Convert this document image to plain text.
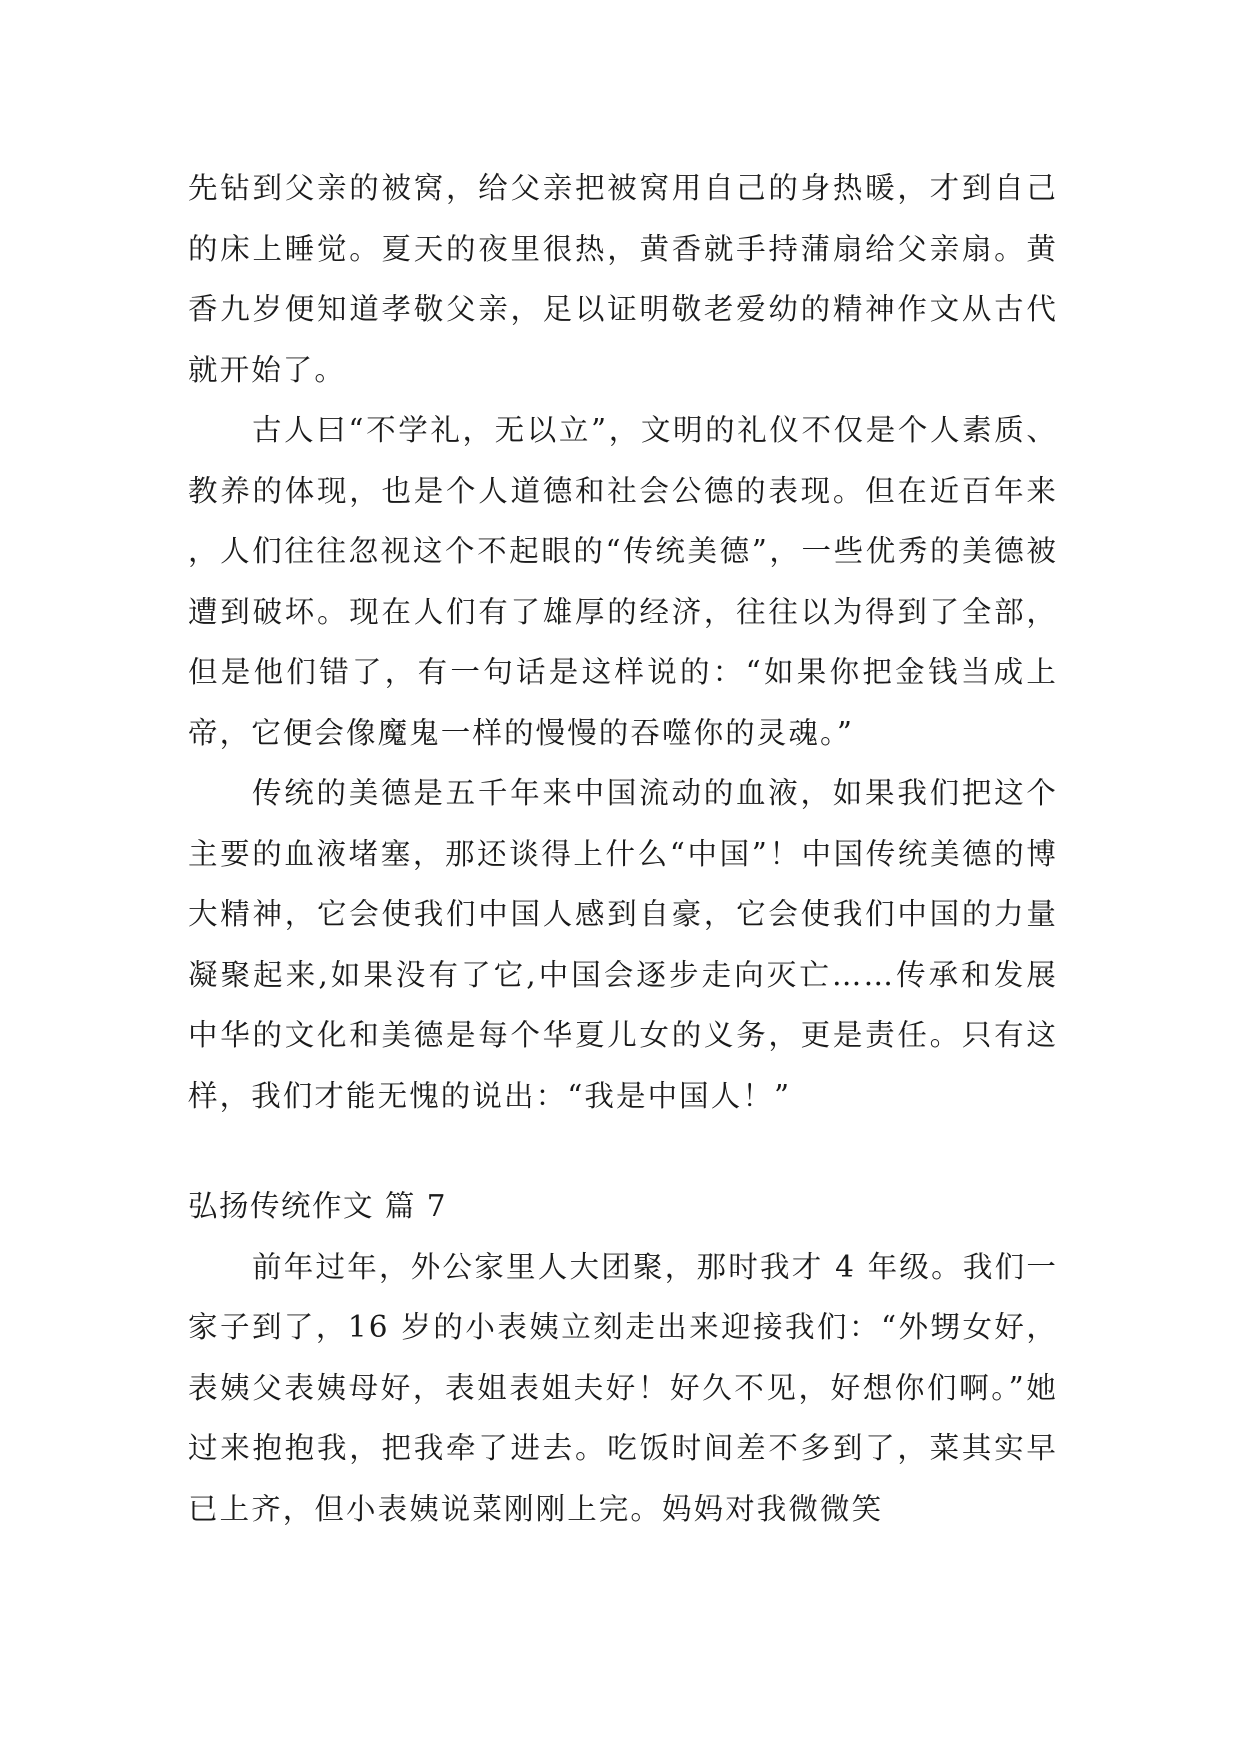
先钻到父亲的被窝，给父亲把被窝用自己的身热暖，才到自己的床上睡觉。夏天的夜里很热，黄香就手持蒲扇给父亲扇。黄香九岁便知道孝敬父亲，足以证明敬老爱幼的精神作文从古代就开始了。

古人曰“不学礼，无以立”，文明的礼仪不仅是个人素质、教养的体现，也是个人道德和社会公德的表现。但在近百年来，人们往往忽视这个不起眼的“传统美德”，一些优秀的美德被遭到破坏。现在人们有了雄厚的经济，往往以为得到了全部，但是他们错了，有一句话是这样说的：“如果你把金钱当成上帝，它便会像魔鬼一样的慢慢的吞噬你的灵魂。”

传统的美德是五千年来中国流动的血液，如果我们把这个主要的血液堵塞，那还谈得上什么“中国”！中国传统美德的博大精神，它会使我们中国人感到自豪，它会使我们中国的力量凝聚起来,如果没有了它,中国会逐步走向灭亡……传承和发展中华的文化和美德是每个华夏儿女的义务，更是责任。只有这样，我们才能无愧的说出：“我是中国人！”

弘扬传统作文 篇 7

前年过年，外公家里人大团聚，那时我才 4 年级。我们一家子到了，16 岁的小表姨立刻走出来迎接我们：“外甥女好，表姨父表姨母好，表姐表姐夫好！好久不见，好想你们啊。”她过来抱抱我，把我牵了进去。吃饭时间差不多到了，菜其实早已上齐，但小表姨说菜刚刚上完。妈妈对我微微笑
